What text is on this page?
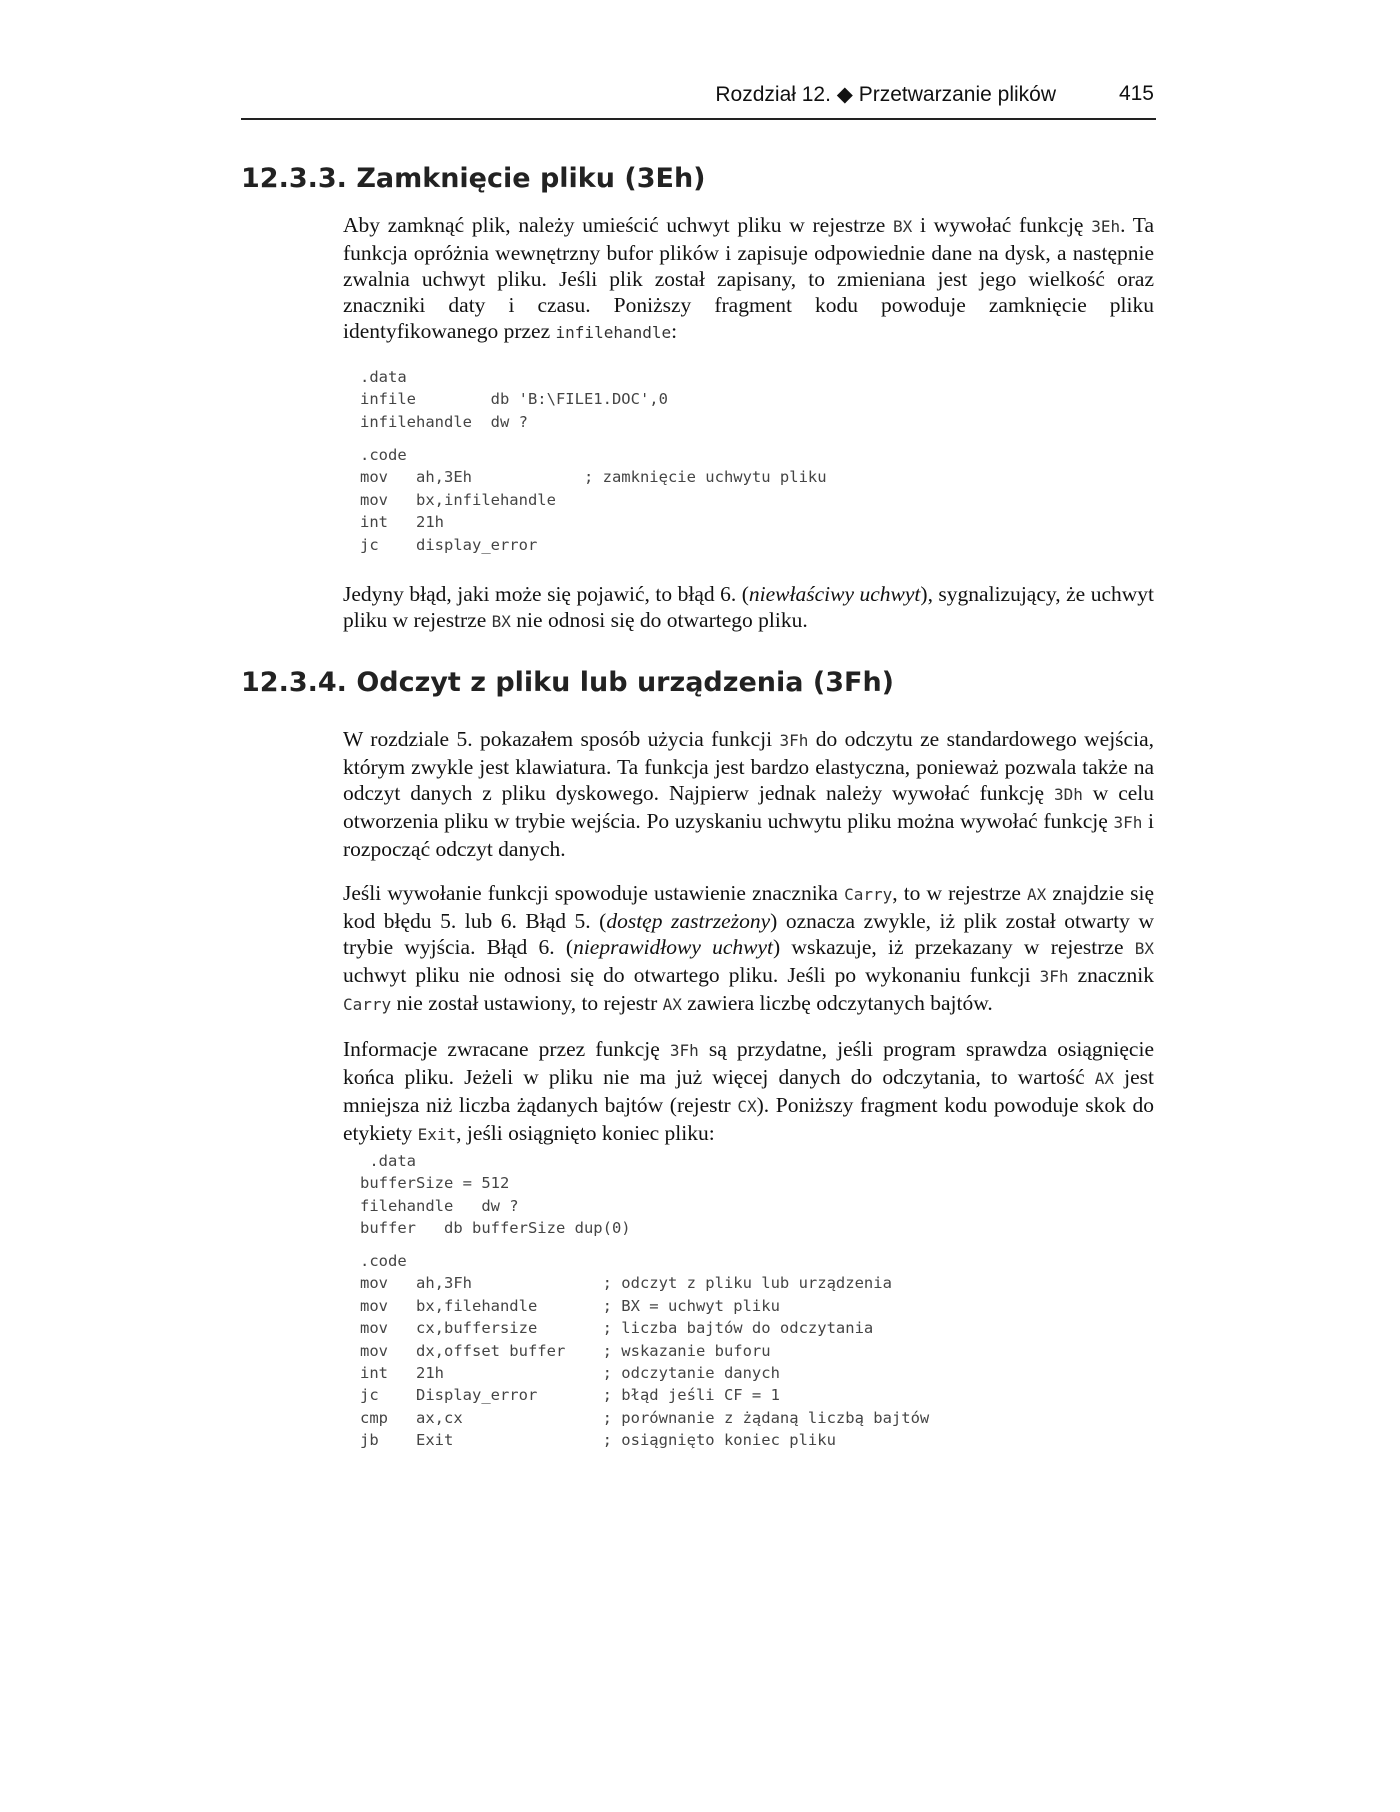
Rozdział 12. ◆ Przetwarzanie plików	415
12.3.3. Zamknięcie pliku (3Eh)

Aby zamknąć plik, należy umieścić uchwyt pliku w rejestrze BX i wywołać funkcję 3Eh. Ta funkcja opróżnia wewnętrzny bufor plików i zapisuje odpowiednie dane na dysk, a następnie zwalnia uchwyt pliku. Jeśli plik został zapisany, to zmieniana jest jego wielkość oraz znaczniki daty i czasu. Poniższy fragment kodu powoduje zamknięcie pliku identyfikowanego przez infilehandle:

.data
infile        db 'B:\FILE1.DOC',0
infilehandle  dw ?
.code
mov   ah,3Eh            ; zamknięcie uchwytu pliku
mov   bx,infilehandle
int   21h
jc    display_error

Jedyny błąd, jaki może się pojawić, to błąd 6. (niewłaściwy uchwyt), sygnalizujący, że uchwyt pliku w rejestrze BX nie odnosi się do otwartego pliku.

12.3.4. Odczyt z pliku lub urządzenia (3Fh)

W rozdziale 5. pokazałem sposób użycia funkcji 3Fh do odczytu ze standardowego wejścia, którym zwykle jest klawiatura. Ta funkcja jest bardzo elastyczna, ponieważ pozwala także na odczyt danych z pliku dyskowego. Najpierw jednak należy wywołać funkcję 3Dh w celu otworzenia pliku w trybie wejścia. Po uzyskaniu uchwytu pliku można wywołać funkcję 3Fh i rozpocząć odczyt danych.

Jeśli wywołanie funkcji spowoduje ustawienie znacznika Carry, to w rejestrze AX znajdzie się kod błędu 5. lub 6. Błąd 5. (dostęp zastrzeżony) oznacza zwykle, iż plik został otwarty w trybie wyjścia. Błąd 6. (nieprawidłowy uchwyt) wskazuje, iż przekazany w rejestrze BX uchwyt pliku nie odnosi się do otwartego pliku. Jeśli po wykonaniu funkcji 3Fh znacznik Carry nie został ustawiony, to rejestr AX zawiera liczbę odczytanych bajtów.

Informacje zwracane przez funkcję 3Fh są przydatne, jeśli program sprawdza osiągnięcie końca pliku. Jeżeli w pliku nie ma już więcej danych do odczytania, to wartość AX jest mniejsza niż liczba żądanych bajtów (rejestr CX). Poniższy fragment kodu powoduje skok do etykiety Exit, jeśli osiągnięto koniec pliku:

.data
bufferSize = 512
filehandle   dw ?
buffer   db bufferSize dup(0)
.code
mov   ah,3Fh              ; odczyt z pliku lub urządzenia
mov   bx,filehandle       ; BX = uchwyt pliku
mov   cx,buffersize       ; liczba bajtów do odczytania
mov   dx,offset buffer    ; wskazanie buforu
int   21h                 ; odczytanie danych
jc    Display_error       ; błąd jeśli CF = 1
cmp   ax,cx               ; porównanie z żądaną liczbą bajtów
jb    Exit                ; osiągnięto koniec pliku
